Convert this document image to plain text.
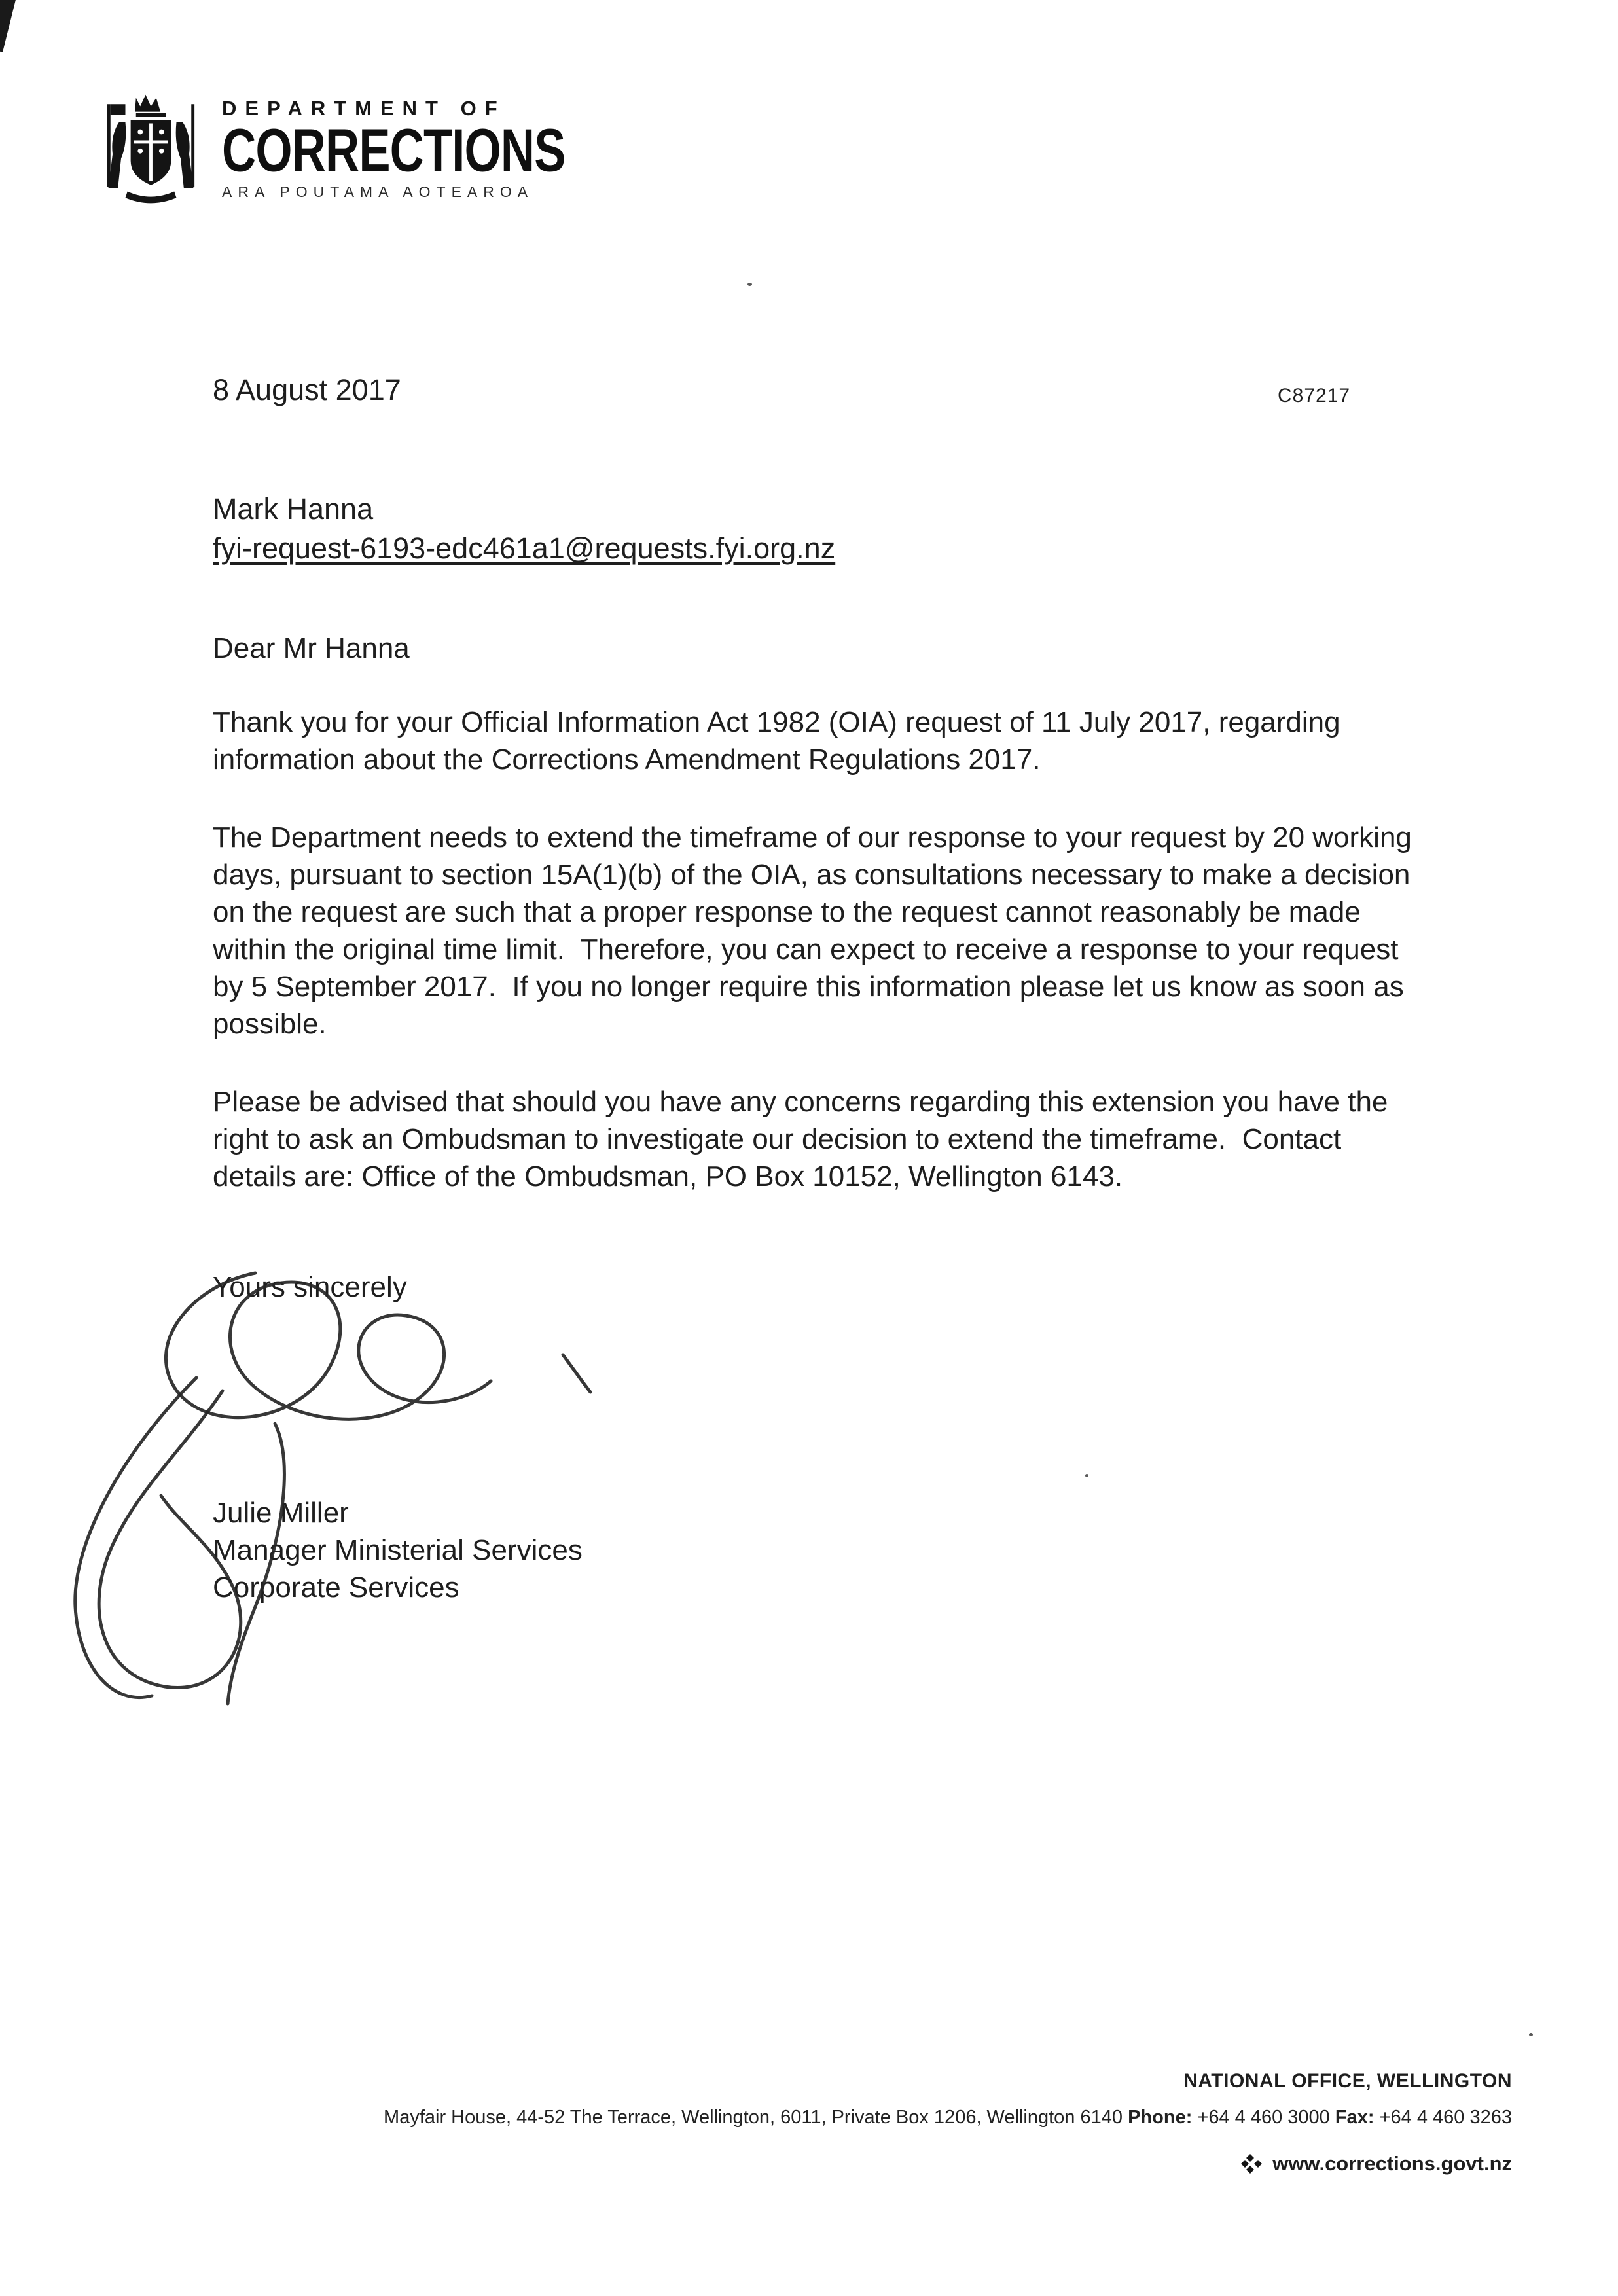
DEPARTMENT OF
CORRECTIONS
ARA POUTAMA AOTEAROA
8 August 2017	C87217
Mark Hanna
fyi-request-6193-edc461a1@requests.fyi.org.nz
Dear Mr Hanna

Thank you for your Official Information Act 1982 (OIA) request of 11 July 2017, regarding information about the Corrections Amendment Regulations 2017.

The Department needs to extend the timeframe of our response to your request by 20 working days, pursuant to section 15A(1)(b) of the OIA, as consultations necessary to make a decision on the request are such that a proper response to the request cannot reasonably be made within the original time limit.  Therefore, you can expect to receive a response to your request by 5 September 2017.  If you no longer require this information please let us know as soon as possible.

Please be advised that should you have any concerns regarding this extension you have the right to ask an Ombudsman to investigate our decision to extend the timeframe.  Contact details are: Office of the Ombudsman, PO Box 10152, Wellington 6143.

Yours sincerely
Julie Miller
Manager Ministerial Services
Corporate Services
NATIONAL OFFICE, WELLINGTON
Mayfair House, 44-52 The Terrace, Wellington, 6011, Private Box 1206, Wellington 6140 Phone: +64 4 460 3000 Fax: +64 4 460 3263
www.corrections.govt.nz
